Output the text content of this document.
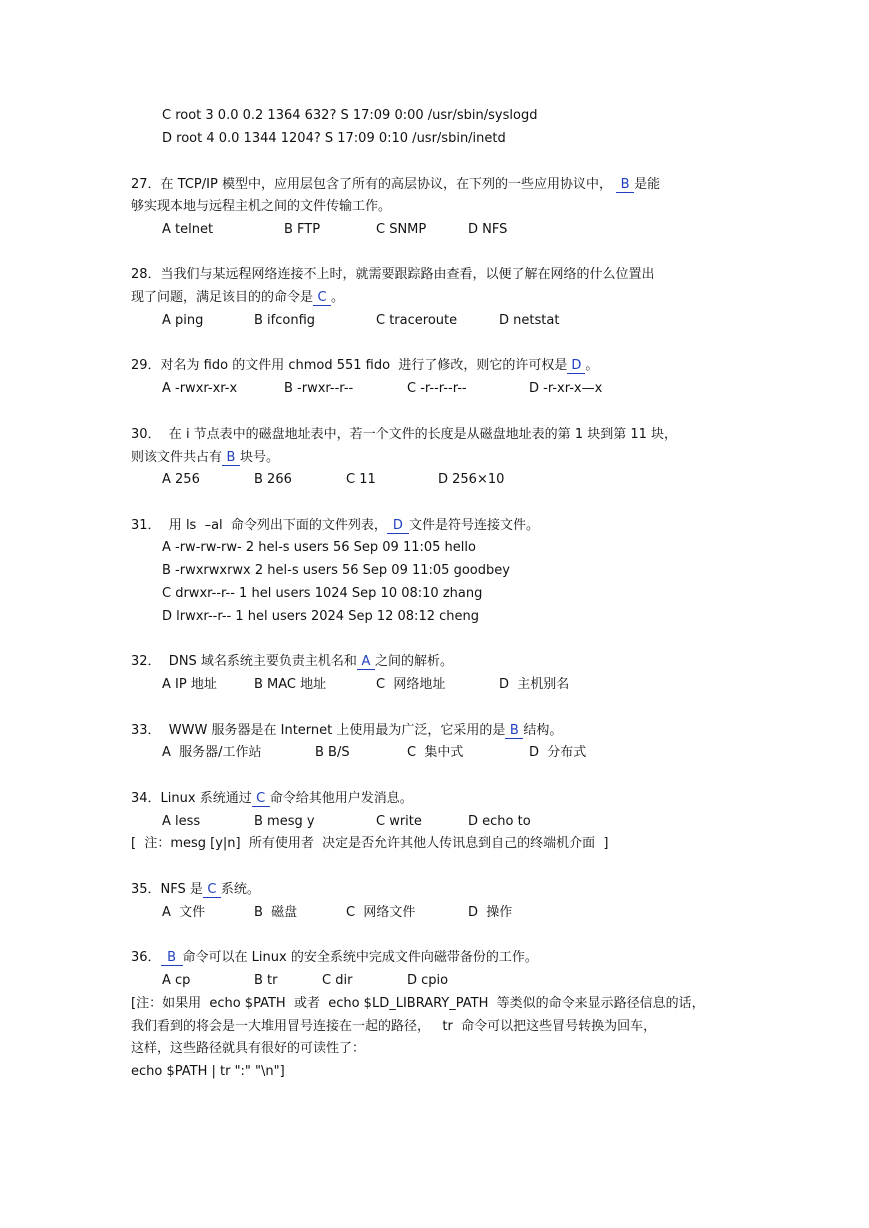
C root 3 0.0 0.2 1364 632? S 17:09 0:00 /usr/sbin/syslogd
D root 4 0.0 1344 1204? S 17:09 0:10 /usr/sbin/inetd
27．在 TCP/IP 模型中，应用层包含了所有的高层协议，在下列的一些应用协议中， B 是能
够实现本地与远程主机之间的文件传输工作。
A telnet	B FTP	C SNMP	D NFS
28．当我们与某远程网络连接不上时，就需要跟踪路由查看，以便了解在网络的什么位置出
现了问题，满足该目的的命令是 C 。
A ping	B ifconfig	C traceroute	D netstat
29．对名为 fido 的文件用 chmod 551 fido  进行了修改，则它的许可权是 D 。
A -rwxr-xr-x	B -rwxr--r--	C -r--r--r--	D -r-xr-x—x
30．  在 i 节点表中的磁盘地址表中，若一个文件的长度是从磁盘地址表的第 1 块到第 11 块，
则该文件共占有 B 块号。
A 256	B 266	C 11	D 256×10
31．  用 ls  –al  命令列出下面的文件列表， D 文件是符号连接文件。
A -rw-rw-rw- 2 hel-s users 56 Sep 09 11:05 hello
B -rwxrwxrwx 2 hel-s users 56 Sep 09 11:05 goodbey
C drwxr--r-- 1 hel users 1024 Sep 10 08:10 zhang
D lrwxr--r-- 1 hel users 2024 Sep 12 08:12 cheng
32．  DNS 域名系统主要负责主机名和 A 之间的解析。
A IP 地址	B MAC 地址	C  网络地址	D  主机别名
33．  WWW 服务器是在 Internet 上使用最为广泛，它采用的是 B 结构。
A  服务器/工作站	B B/S	C  集中式	D  分布式
34．Linux 系统通过 C 命令给其他用户发消息。
A less	B mesg y	C write	D echo to
[  注：mesg [y|n]  所有使用者  决定是否允许其他人传讯息到自己的终端机介面  ]
35．NFS 是 C 系统。
A  文件	B  磁盘	C  网络文件	D  操作
36． B 命令可以在 Linux 的安全系统中完成文件向磁带备份的工作。
A cp	B tr	C dir	D cpio
[注：如果用  echo $PATH  或者  echo $LD_LIBRARY_PATH  等类似的命令来显示路径信息的话，
我们看到的将会是一大堆用冒号连接在一起的路径，   tr  命令可以把这些冒号转换为回车，
这样，这些路径就具有很好的可读性了：
echo $PATH | tr ":" "\n"]
